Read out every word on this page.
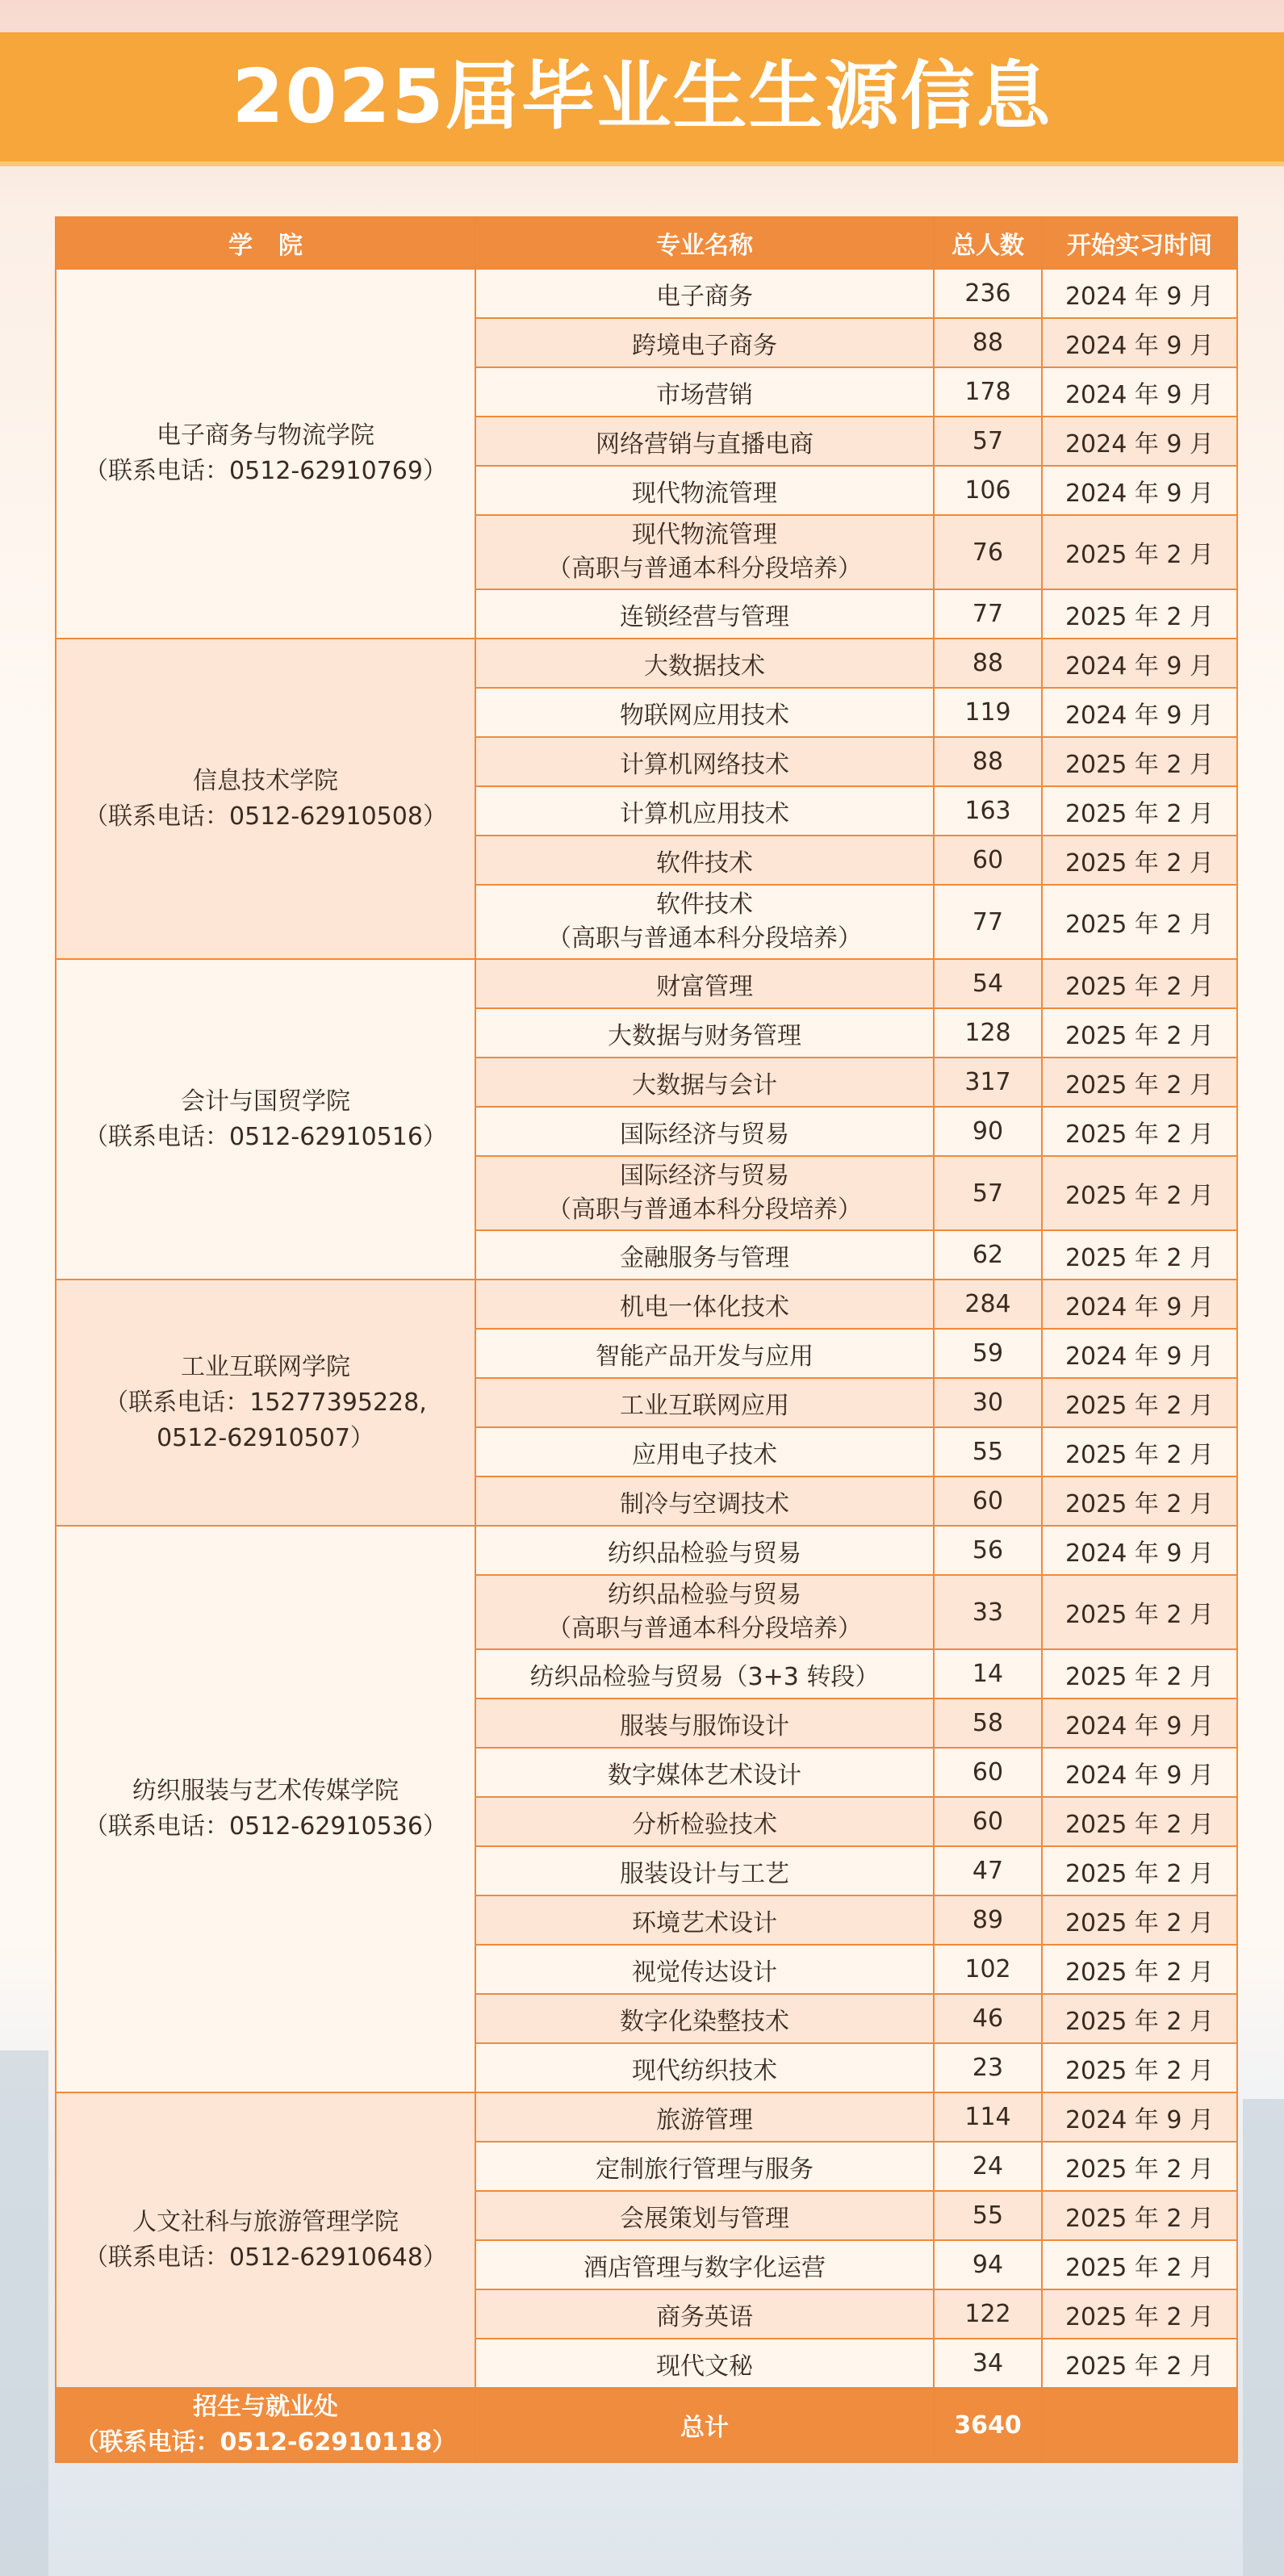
2025届毕业生生源信息
学院	专业名称	总人数	开始实习时间

电子商务与物流学院
（联系电话：0512-62910769）	电子商务	236	2024 年 9 月
	跨境电子商务	88	2024 年 9 月
	市场营销	178	2024 年 9 月
	网络营销与直播电商	57	2024 年 9 月
	现代物流管理	106	2024 年 9 月

	现代物流管理
（高职与普通本科分段培养）	76	2025 年 2 月
	连锁经营与管理	77	2025 年 2 月

信息技术学院
（联系电话：0512-62910508）	大数据技术	88	2024 年 9 月
	物联网应用技术	119	2024 年 9 月
	计算机网络技术	88	2025 年 2 月
	计算机应用技术	163	2025 年 2 月
	软件技术	60	2025 年 2 月

	软件技术
（高职与普通本科分段培养）	77	2025 年 2 月

会计与国贸学院
（联系电话：0512-62910516）	财富管理	54	2025 年 2 月
	大数据与财务管理	128	2025 年 2 月
	大数据与会计	317	2025 年 2 月
	国际经济与贸易	90	2025 年 2 月

	国际经济与贸易
（高职与普通本科分段培养）	57	2025 年 2 月
	金融服务与管理	62	2025 年 2 月

工业互联网学院
（联系电话：15277395228,
0512-62910507）	机电一体化技术	284	2024 年 9 月
	智能产品开发与应用	59	2024 年 9 月
	工业互联网应用	30	2025 年 2 月
	应用电子技术	55	2025 年 2 月
	制冷与空调技术	60	2025 年 2 月

纺织服装与艺术传媒学院
（联系电话：0512-62910536）	纺织品检验与贸易	56	2024 年 9 月

	纺织品检验与贸易
（高职与普通本科分段培养）	33	2025 年 2 月
	纺织品检验与贸易（3+3 转段）	14	2025 年 2 月
	服装与服饰设计	58	2024 年 9 月
	数字媒体艺术设计	60	2024 年 9 月
	分析检验技术	60	2025 年 2 月
	服装设计与工艺	47	2025 年 2 月
	环境艺术设计	89	2025 年 2 月
	视觉传达设计	102	2025 年 2 月
	数字化染整技术	46	2025 年 2 月
	现代纺织技术	23	2025 年 2 月

人文社科与旅游管理学院
（联系电话：0512-62910648）	旅游管理	114	2024 年 9 月
	定制旅行管理与服务	24	2025 年 2 月
	会展策划与管理	55	2025 年 2 月
	酒店管理与数字化运营	94	2025 年 2 月
	商务英语	122	2025 年 2 月
	现代文秘	34	2025 年 2 月

招生与就业处
（联系电话：0512-62910118）	总计	3640	
